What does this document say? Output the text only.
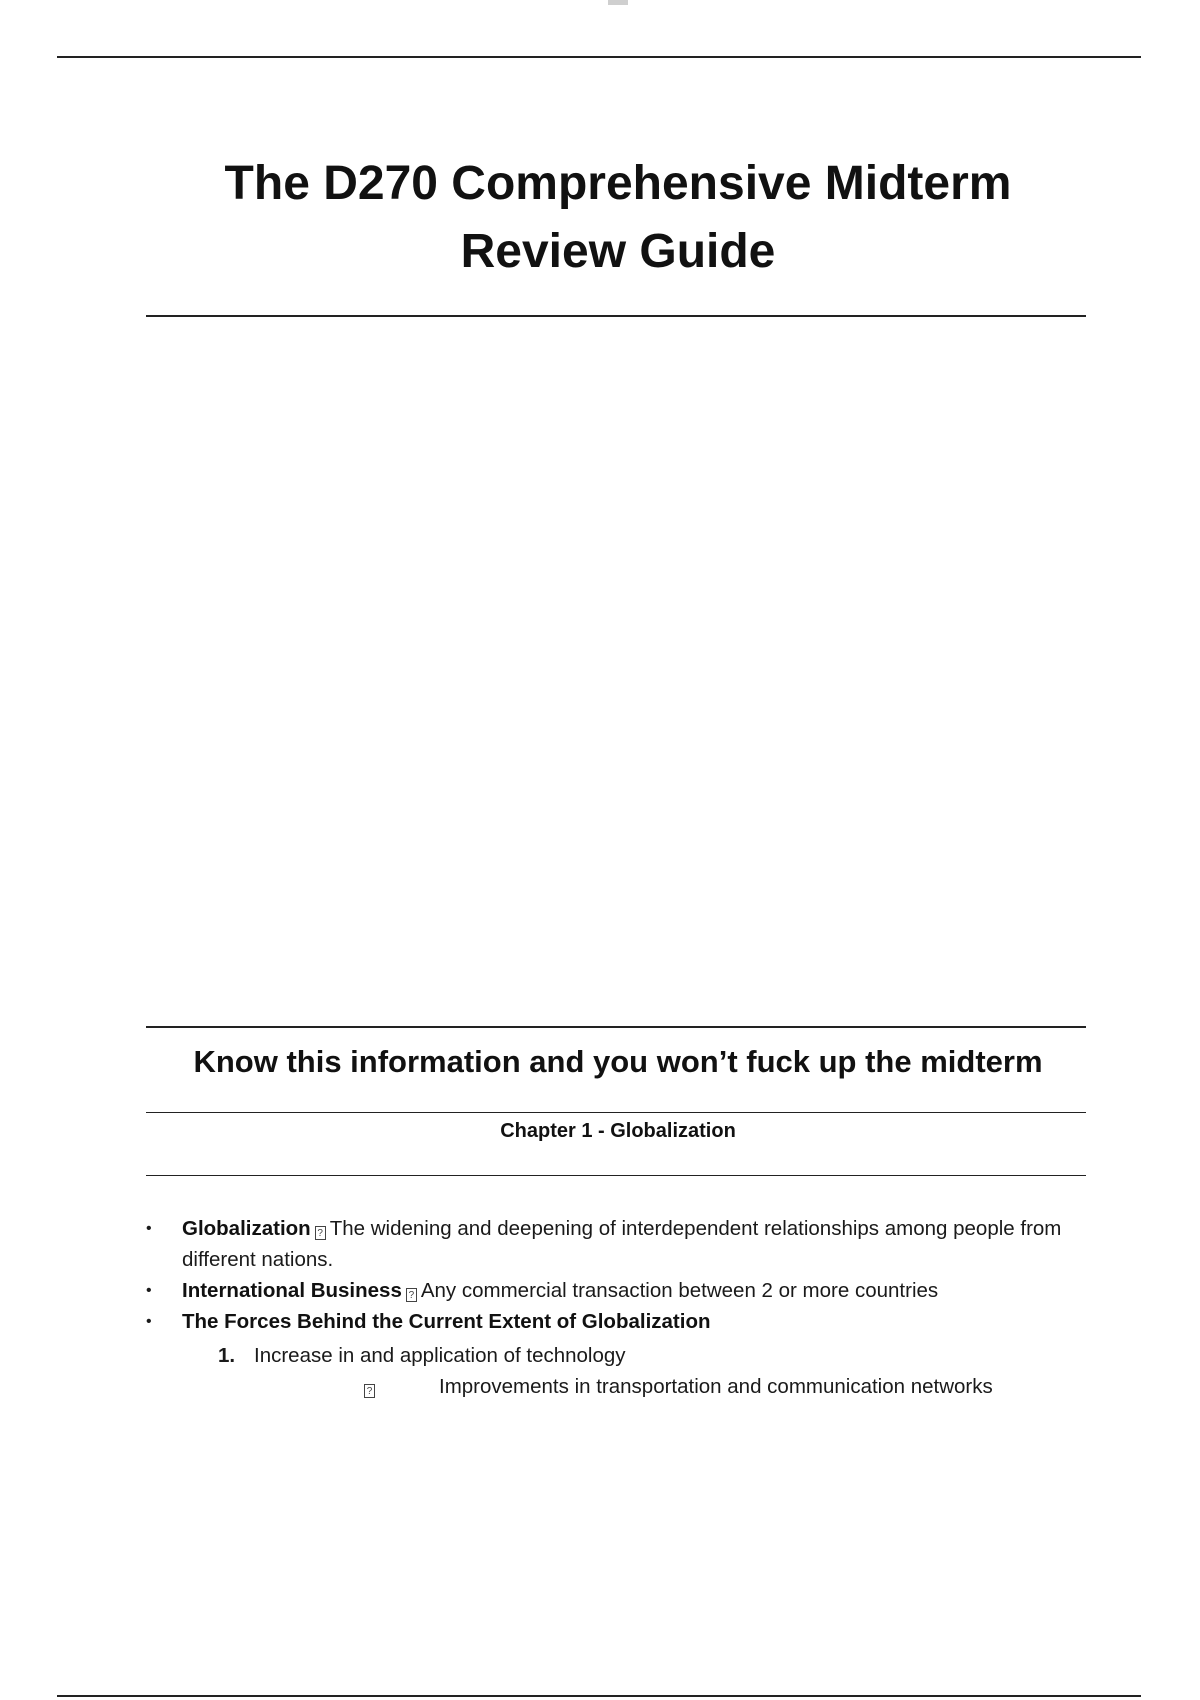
The D270 Comprehensive Midterm Review Guide
Know this information and you won’t fuck up the midterm
Chapter 1 - Globalization
• Globalization ? The widening and deepening of interdependent relationships among people from different nations.
• International Business ? Any commercial transaction between 2 or more countries
• The Forces Behind the Current Extent of Globalization
1. Increase in and application of technology
?	Improvements in transportation and communication networks
